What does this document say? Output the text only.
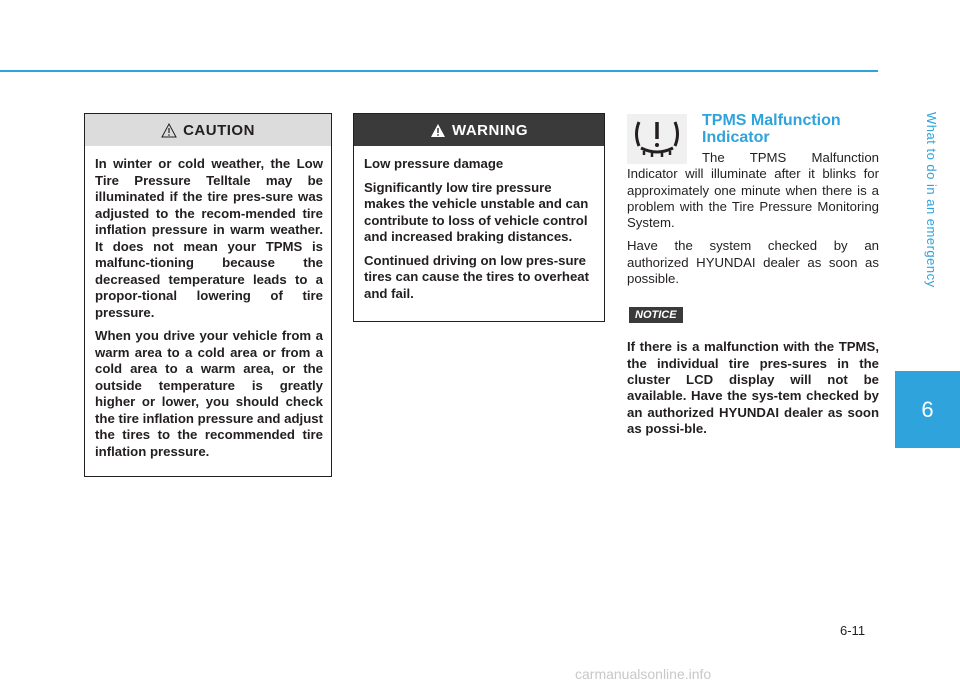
What to do in an emergency
6
CAUTION

In winter or cold weather, the Low Tire Pressure Telltale may be illuminated if the tire pres-sure was adjusted to the recom-mended tire inflation pressure in warm weather. It does not mean your TPMS is malfunc-tioning because the decreased temperature leads to a propor-tional lowering of tire pressure.

When you drive your vehicle from a warm area to a cold area or from a cold area to a warm area, or the outside temperature is greatly higher or lower, you should check the tire inflation pressure and adjust the tires to the recommended tire inflation pressure.

WARNING

Low pressure damage

Significantly low tire pressure makes the vehicle unstable and can contribute to loss of vehicle control and increased braking distances.

Continued driving on low pres-sure tires can cause the tires to overheat and fail.

TPMS Malfunction Indicator

The TPMS Malfunction Indicator will illuminate after it blinks for approximately one minute when there is a problem with the Tire Pressure Monitoring System.

Have the system checked by an authorized HYUNDAI dealer as soon as possible.

NOTICE

If there is a malfunction with the TPMS, the individual tire pres-sures in the cluster LCD display will not be available. Have the sys-tem checked by an authorized HYUNDAI dealer as soon as possi-ble.

6-11
carmanualsonline.info
